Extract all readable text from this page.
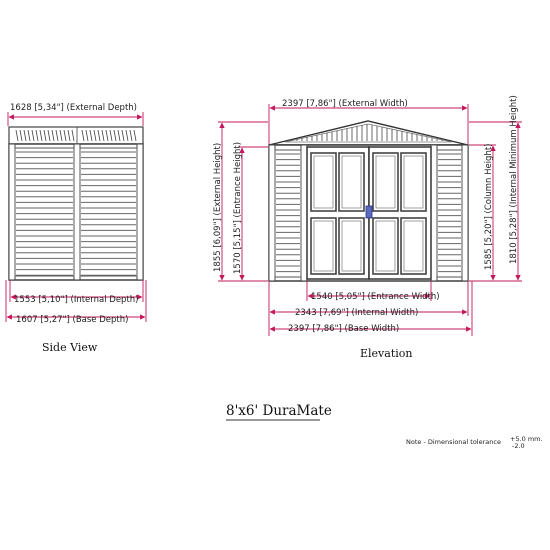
1628 [5,34"] (External Depth)
1553 [5,10"] (Internal Depth)
1607 [5,27"] (Base Depth)
Side View
2397 [7,86"] (External Width)
1855 [6,09"] (External Height) 1570 [5,15"] (Entrance Height)	1585 [5,20"] (Column Height) 1810 [5,28"] (Internal Minimum Height)
1540 [5,05"] (Entrance Width)
2343 [7,69"] (Internal Width)
2397 [7,86"] (Base Width)
Elevation
8'x6' DuraMate
Note - Dimensional tolerance +5.0 mm.
-2.0
